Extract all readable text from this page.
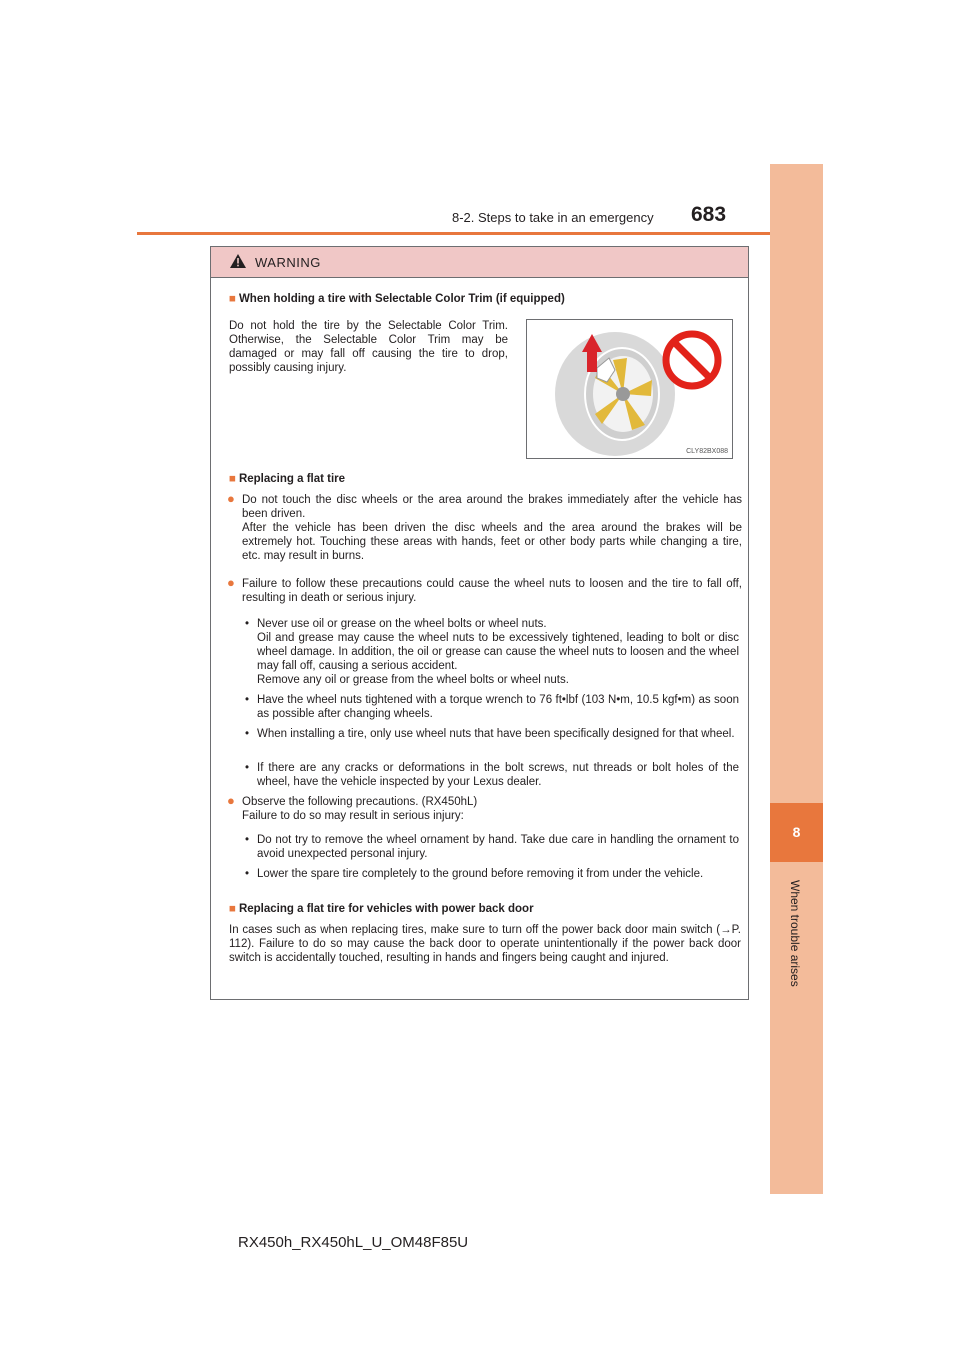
8-2. Steps to take in an emergency 683
8
When trouble arises
WARNING
■ When holding a tire with Selectable Color Trim (if equipped)
Do not hold the tire by the Selectable Color Trim. Otherwise, the Selectable Color Trim may be damaged or may fall off causing the tire to drop, possibly causing injury.
CLY82BX088
■ Replacing a flat tire
● Do not touch the disc wheels or the area around the brakes immediately after the vehicle has been driven.
After the vehicle has been driven the disc wheels and the area around the brakes will be extremely hot. Touching these areas with hands, feet or other body parts while changing a tire, etc. may result in burns.
● Failure to follow these precautions could cause the wheel nuts to loosen and the tire to fall off, resulting in death or serious injury.
• Never use oil or grease on the wheel bolts or wheel nuts.
Oil and grease may cause the wheel nuts to be excessively tightened, leading to bolt or disc wheel damage. In addition, the oil or grease can cause the wheel nuts to loosen and the wheel may fall off, causing a serious accident.
Remove any oil or grease from the wheel bolts or wheel nuts.
• Have the wheel nuts tightened with a torque wrench to 76 ft•lbf (103 N•m, 10.5 kgf•m) as soon as possible after changing wheels.
• When installing a tire, only use wheel nuts that have been specifically designed for that wheel.
• If there are any cracks or deformations in the bolt screws, nut threads or bolt holes of the wheel, have the vehicle inspected by your Lexus dealer.
● Observe the following precautions. (RX450hL)
Failure to do so may result in serious injury:
• Do not try to remove the wheel ornament by hand. Take due care in handling the ornament to avoid unexpected personal injury.
• Lower the spare tire completely to the ground before removing it from under the vehicle.
■ Replacing a flat tire for vehicles with power back door
In cases such as when replacing tires, make sure to turn off the power back door main switch (→P. 112). Failure to do so may cause the back door to operate unintentionally if the power back door switch is accidentally touched, resulting in hands and fingers being caught and injured.
RX450h_RX450hL_U_OM48F85U
